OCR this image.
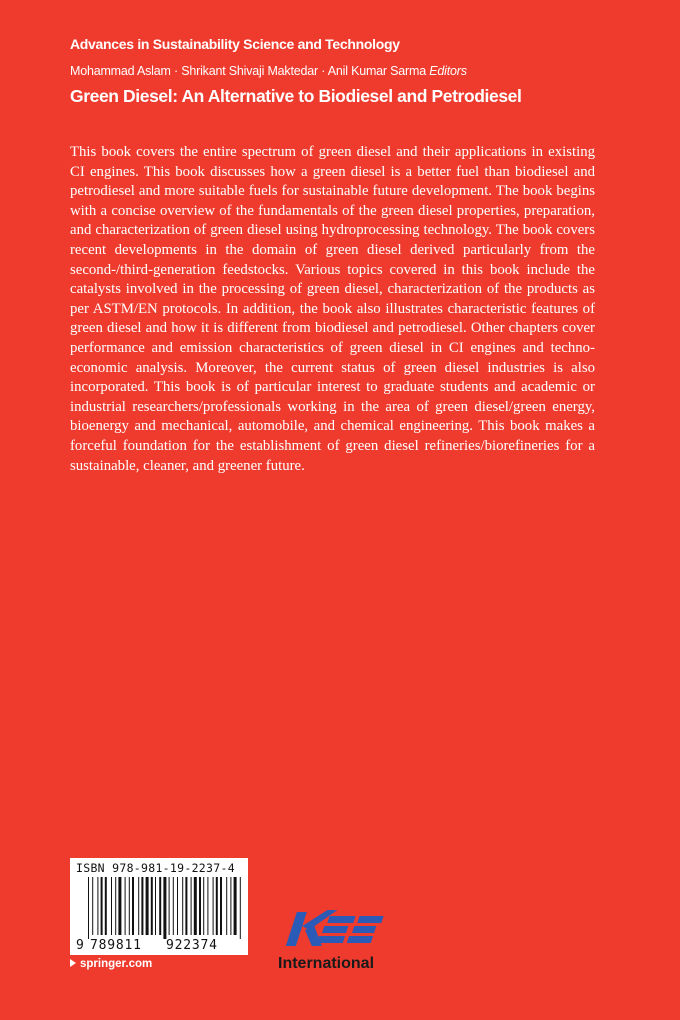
Advances in Sustainability Science and Technology
Mohammad Aslam · Shrikant Shivaji Maktedar · Anil Kumar Sarma Editors
Green Diesel: An Alternative to Biodiesel and Petrodiesel

This book covers the entire spectrum of green diesel and their applications in existing CI engines. This book discusses how a green diesel is a better fuel than biodiesel and petrodiesel and more suitable fuels for sustainable future development. The book begins with a concise overview of the fundamentals of the green diesel properties, preparation, and characterization of green diesel using hydroprocessing technology. The book covers recent developments in the domain of green diesel derived particularly from the second-/third-generation feedstocks. Various topics covered in this book include the catalysts involved in the processing of green diesel, characterization of the products as per ASTM/EN protocols. In addition, the book also illustrates characteristic features of green diesel and how it is different from biodiesel and petrodiesel. Other chapters cover performance and emission characteristics of green diesel in CI engines and techno-economic analysis. Moreover, the current status of green diesel industries is also incorporated. This book is of particular interest to graduate students and academic or industrial researchers/professionals working in the area of green diesel/green energy, bioenergy and mechanical, automobile, and chemical engineering. This book makes a forceful foundation for the establishment of green diesel refineries/biorefineries for a sustainable, cleaner, and greener future.

ISBN 978-981-19-2237-4
9 789811 922374
springer.com	International
